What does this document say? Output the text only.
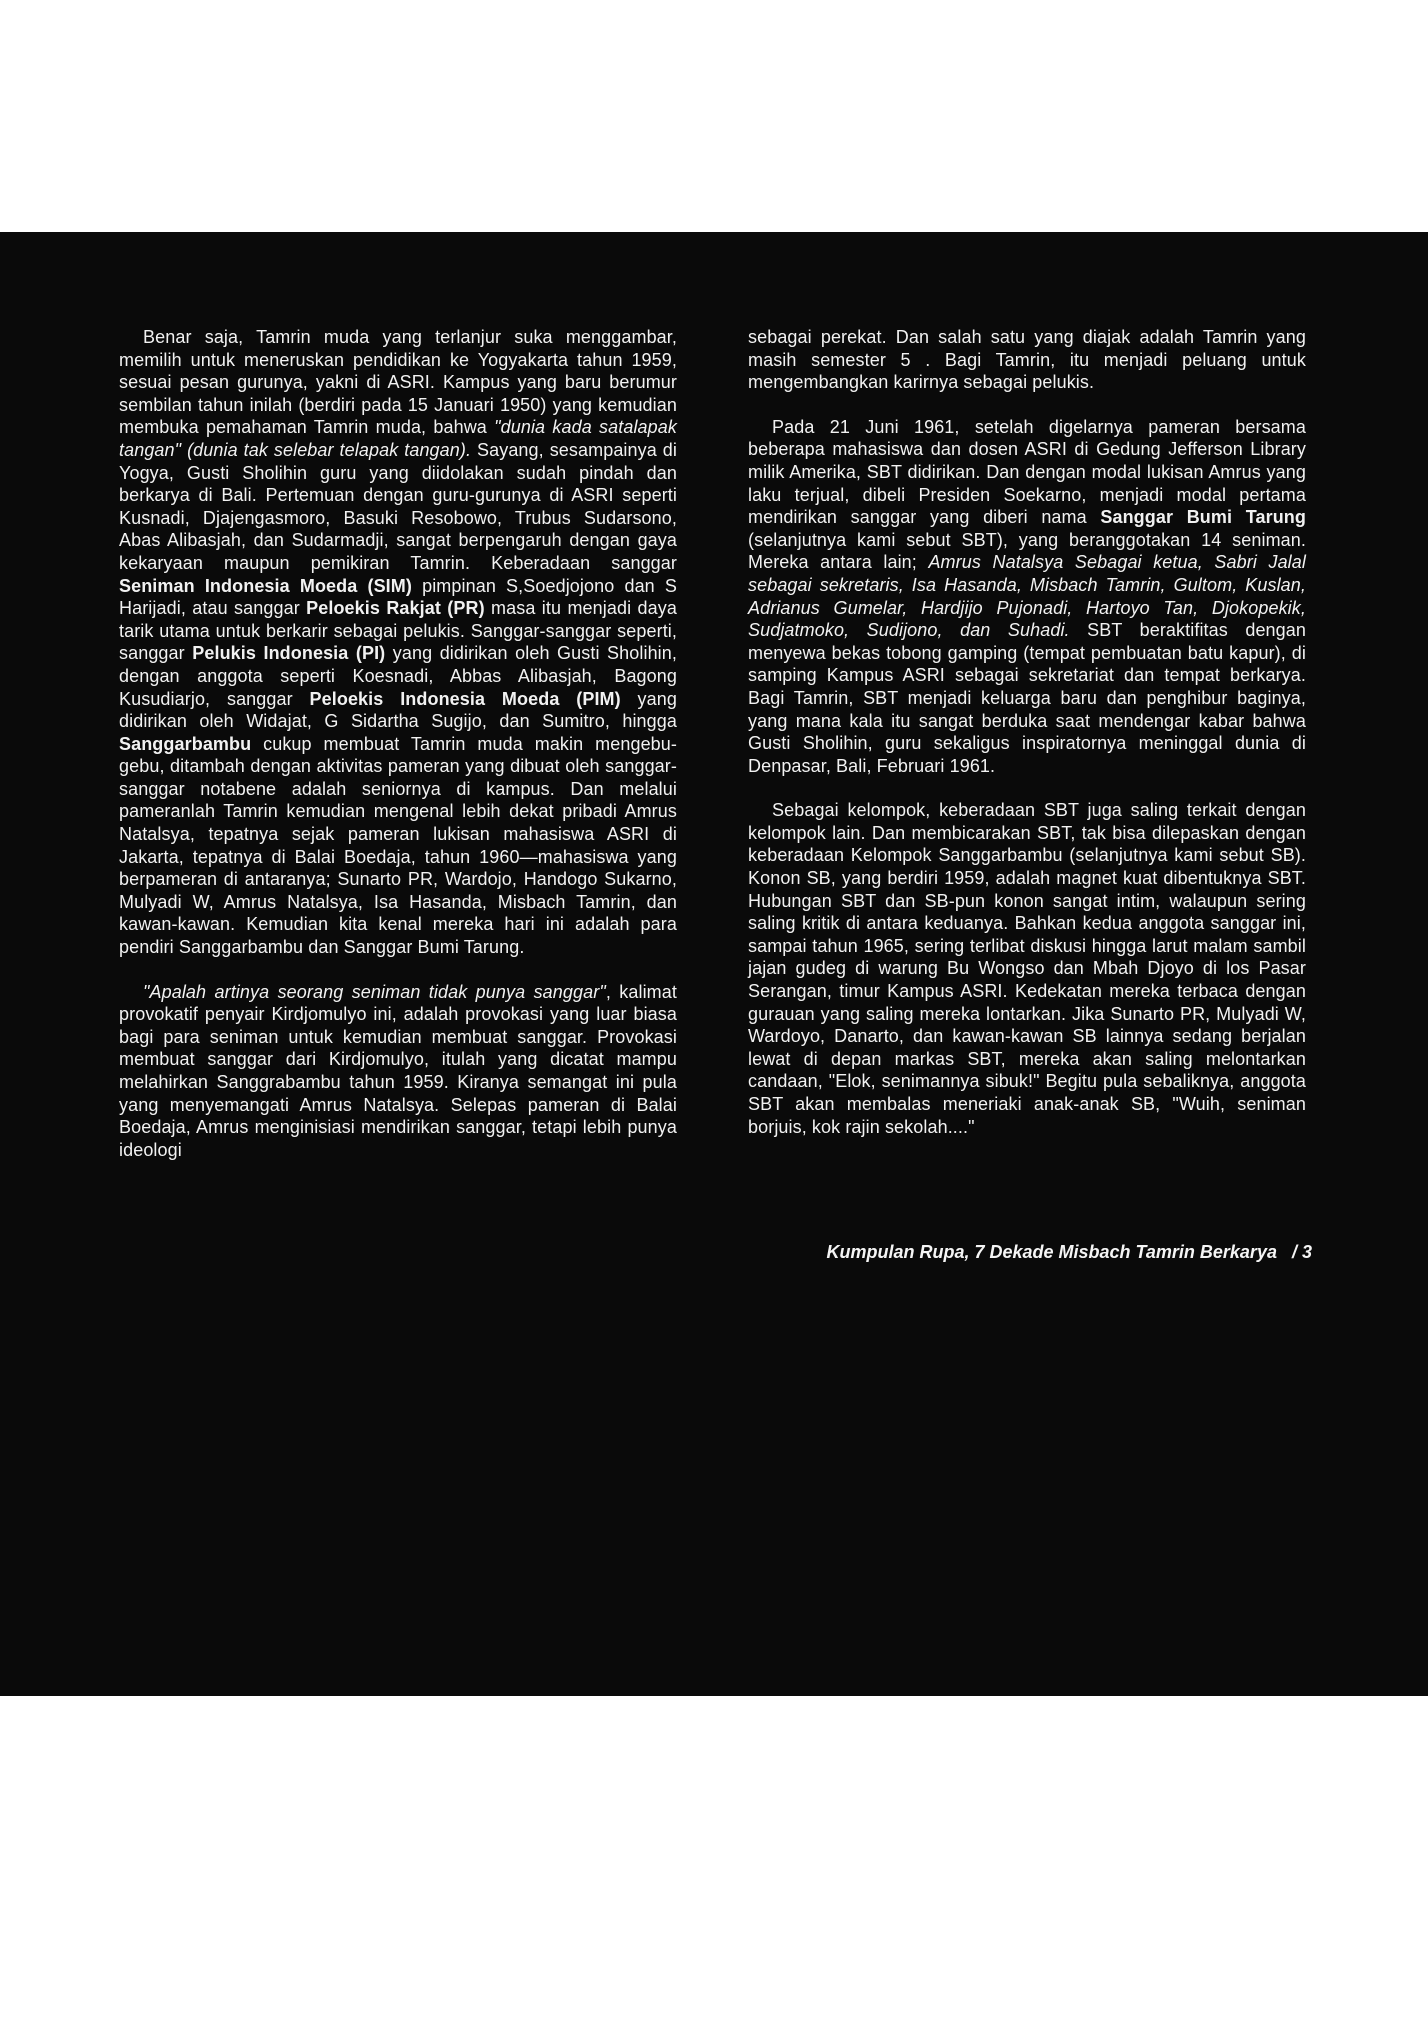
Benar saja, Tamrin muda yang terlanjur suka menggambar, memilih untuk meneruskan pendidikan ke Yogyakarta tahun 1959, sesuai pesan gurunya, yakni di ASRI. Kampus yang baru berumur sembilan tahun inilah (berdiri pada 15 Januari 1950) yang kemudian membuka pemahaman Tamrin muda, bahwa "dunia kada satalapak tangan" (dunia tak selebar telapak tangan). Sayang, sesampainya di Yogya, Gusti Sholihin guru yang diidolakan sudah pindah dan berkarya di Bali. Pertemuan dengan guru-gurunya di ASRI seperti Kusnadi, Djajengasmoro, Basuki Resobowo, Trubus Sudarsono, Abas Alibasjah, dan Sudarmadji, sangat berpengaruh dengan gaya kekaryaan maupun pemikiran Tamrin. Keberadaan sanggar Seniman Indonesia Moeda (SIM) pimpinan S,Soedjojono dan S Harijadi, atau sanggar Peloekis Rakjat (PR) masa itu menjadi daya tarik utama untuk berkarir sebagai pelukis. Sanggar-sanggar seperti, sanggar Pelukis Indonesia (PI) yang didirikan oleh Gusti Sholihin, dengan anggota seperti Koesnadi, Abbas Alibasjah, Bagong Kusudiarjo, sanggar Peloekis Indonesia Moeda (PIM) yang didirikan oleh Widajat, G Sidartha Sugijo, dan Sumitro, hingga Sanggarbambu cukup membuat Tamrin muda makin mengebu-gebu, ditambah dengan aktivitas pameran yang dibuat oleh sanggar-sanggar notabene adalah seniornya di kampus. Dan melalui pameranlah Tamrin kemudian mengenal lebih dekat pribadi Amrus Natalsya, tepatnya sejak pameran lukisan mahasiswa ASRI di Jakarta, tepatnya di Balai Boedaja, tahun 1960—mahasiswa yang berpameran di antaranya; Sunarto PR, Wardojo, Handogo Sukarno, Mulyadi W, Amrus Natalsya, Isa Hasanda, Misbach Tamrin, dan kawan-kawan. Kemudian kita kenal mereka hari ini adalah para pendiri Sanggarbambu dan Sanggar Bumi Tarung.

"Apalah artinya seorang seniman tidak punya sanggar", kalimat provokatif penyair Kirdjomulyo ini, adalah provokasi yang luar biasa bagi para seniman untuk kemudian membuat sanggar. Provokasi membuat sanggar dari Kirdjomulyo, itulah yang dicatat mampu melahirkan Sanggrabambu tahun 1959. Kiranya semangat ini pula yang menyemangati Amrus Natalsya. Selepas pameran di Balai Boedaja, Amrus menginisiasi mendirikan sanggar, tetapi lebih punya ideologi

sebagai perekat. Dan salah satu yang diajak adalah Tamrin yang masih semester 5 . Bagi Tamrin, itu menjadi peluang untuk mengembangkan karirnya sebagai pelukis.

Pada 21 Juni 1961, setelah digelarnya pameran bersama beberapa mahasiswa dan dosen ASRI di Gedung Jefferson Library milik Amerika, SBT didirikan. Dan dengan modal lukisan Amrus yang laku terjual, dibeli Presiden Soekarno, menjadi modal pertama mendirikan sanggar yang diberi nama Sanggar Bumi Tarung (selanjutnya kami sebut SBT), yang beranggotakan 14 seniman. Mereka antara lain; Amrus Natalsya Sebagai ketua, Sabri Jalal sebagai sekretaris, Isa Hasanda, Misbach Tamrin, Gultom, Kuslan, Adrianus Gumelar, Hardjijo Pujonadi, Hartoyo Tan, Djokopekik, Sudjatmoko, Sudijono, dan Suhadi. SBT beraktifitas dengan menyewa bekas tobong gamping (tempat pembuatan batu kapur), di samping Kampus ASRI sebagai sekretariat dan tempat berkarya. Bagi Tamrin, SBT menjadi keluarga baru dan penghibur baginya, yang mana kala itu sangat berduka saat mendengar kabar bahwa Gusti Sholihin, guru sekaligus inspiratornya meninggal dunia di Denpasar, Bali, Februari 1961.

Sebagai kelompok, keberadaan SBT juga saling terkait dengan kelompok lain. Dan membicarakan SBT, tak bisa dilepaskan dengan keberadaan Kelompok Sanggarbambu (selanjutnya kami sebut SB). Konon SB, yang berdiri 1959, adalah magnet kuat dibentuknya SBT. Hubungan SBT dan SB-pun konon sangat intim, walaupun sering saling kritik di antara keduanya. Bahkan kedua anggota sanggar ini, sampai tahun 1965, sering terlibat diskusi hingga larut malam sambil jajan gudeg di warung Bu Wongso dan Mbah Djoyo di los Pasar Serangan, timur Kampus ASRI. Kedekatan mereka terbaca dengan gurauan yang saling mereka lontarkan. Jika Sunarto PR, Mulyadi W, Wardoyo, Danarto, dan kawan-kawan SB lainnya sedang berjalan lewat di depan markas SBT, mereka akan saling melontarkan candaan, "Elok, senimannya sibuk!" Begitu pula sebaliknya, anggota SBT akan membalas meneriaki anak-anak SB, "Wuih, seniman borjuis, kok rajin sekolah...."

Kumpulan Rupa, 7 Dekade Misbach Tamrin Berkarya / 3
